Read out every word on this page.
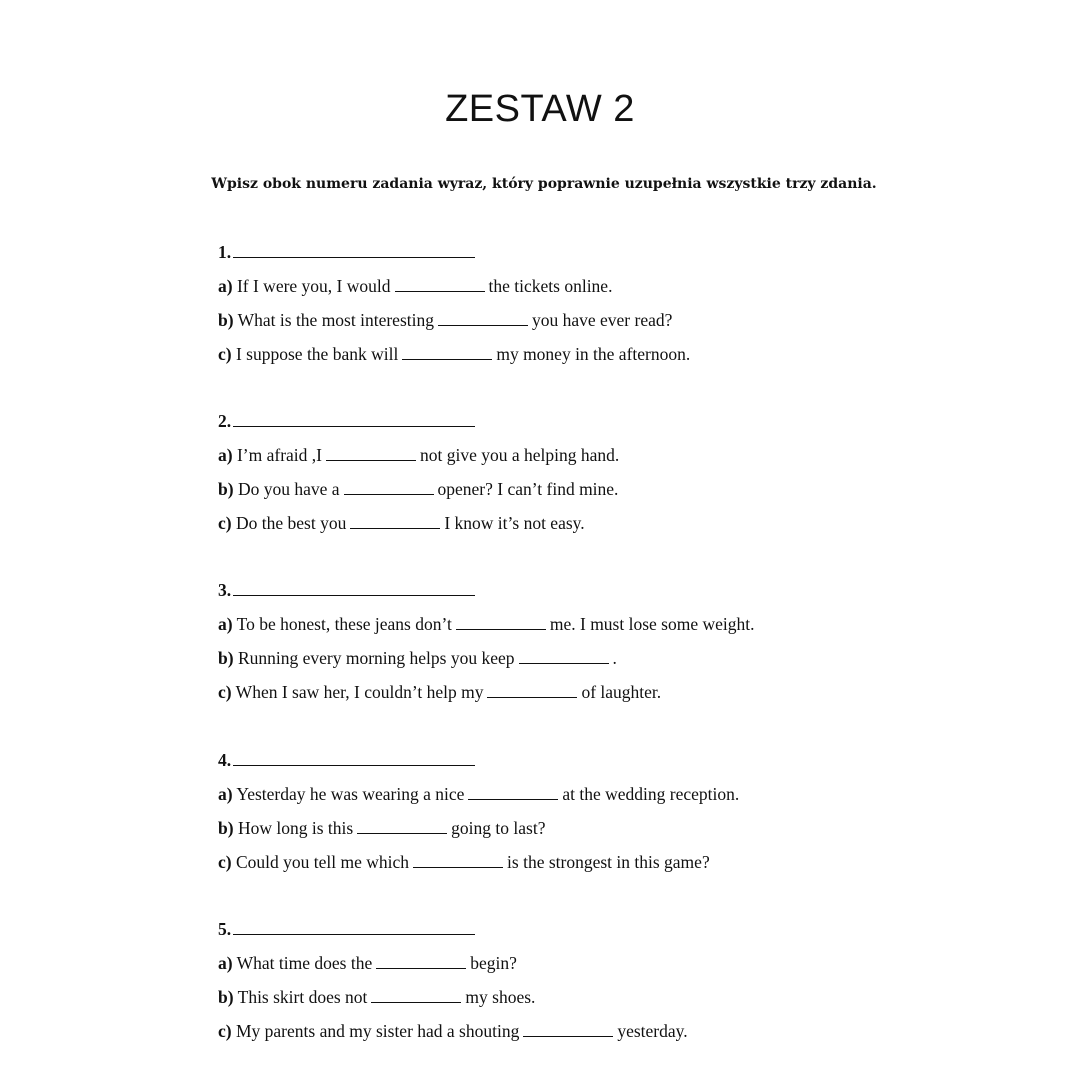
ZESTAW 2
Wpisz obok numeru zadania wyraz, który poprawnie uzupełnia wszystkie trzy zdania.
1.
a) If I were you, I would	the tickets online.
b) What is the most interesting	you have ever read?
c) I suppose the bank will	my money in the afternoon.
2.
a) I’m afraid ,I	not give you a helping hand.
b) Do you have a	opener? I can’t find mine.
c) Do the best you	I know it’s not easy.
3.
a) To be honest, these jeans don’t	me. I must lose some weight.
b) Running every morning helps you keep	.
c) When I saw her, I couldn’t help my	of laughter.
4.
a) Yesterday he was wearing a nice	at the wedding reception.
b) How long is this	going to last?
c) Could you tell me which	is the strongest in this game?
5.
a) What time does the	begin?
b) This skirt does not	my shoes.
c) My parents and my sister had a shouting	yesterday.
